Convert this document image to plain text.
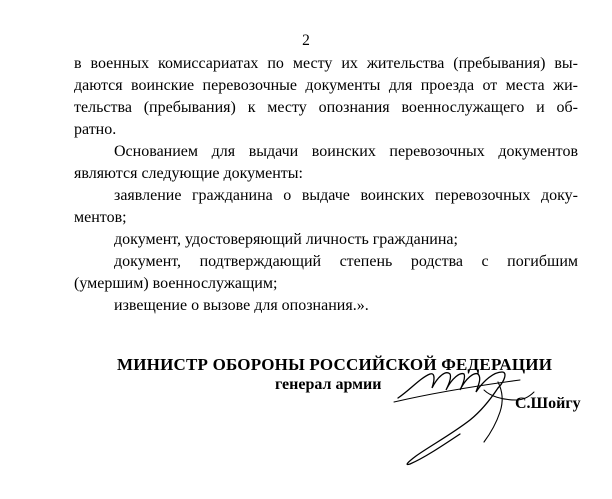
2
в военных комиссариатах по месту их жительства (пребывания) вы-
даются воинские перевозочные документы для проезда от места жи-
тельства (пребывания) к месту опознания военнослужащего и об-
ратно.
Основанием для выдачи воинских перевозочных документов
являются следующие документы:
заявление гражданина о выдаче воинских перевозочных доку-
ментов;
документ, удостоверяющий личность гражданина;
документ, подтверждающий степень родства с погибшим
(умершим) военнослужащим;
извещение о вызове для опознания.».
МИНИСТР ОБОРОНЫ РОССИЙСКОЙ ФЕДЕРАЦИИ
генерал армии
С.Шойгу
